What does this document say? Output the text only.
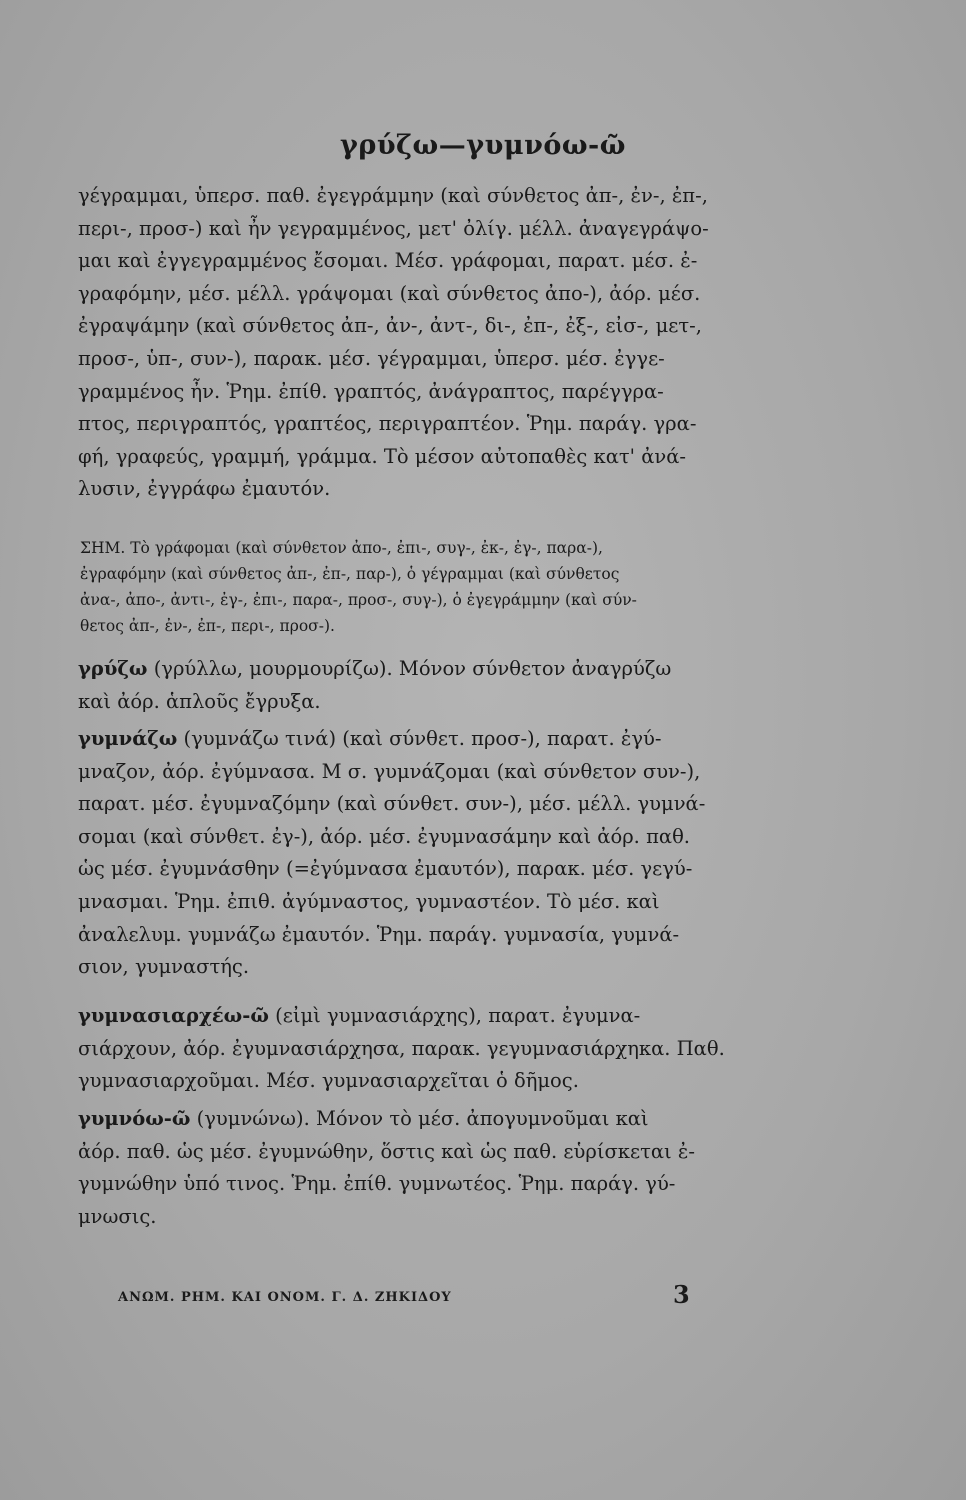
γρύζω—γυμνόω-ῶ
γέγραμμαι, ὑπερσ. παθ. ἐγεγράμμην (καὶ σύνθετος ἀπ-, ἐν-, ἐπ-,
περι-, προσ-) καὶ ἦν γεγραμμένος, μετ' ὀλίγ. μέλλ. ἀναγεγράψο-
μαι καὶ ἐγγεγραμμένος ἔσομαι. Μέσ. γράφομαι, παρατ. μέσ. ἐ-
γραφόμην, μέσ. μέλλ. γράψομαι (καὶ σύνθετος ἀπο-), ἀόρ. μέσ.
ἐγραψάμην (καὶ σύνθετος ἀπ-, ἀν-, ἀντ-, δι-, ἐπ-, ἐξ-, εἰσ-, μετ-,
προσ-, ὑπ-, συν-), παρακ. μέσ. γέγραμμαι, ὑπερσ. μέσ. ἐγγε-
γραμμένος ἦν. Ῥημ. ἐπίθ. γραπτός, ἀνάγραπτος, παρέγγρα-
πτος, περιγραπτός, γραπτέος, περιγραπτέον. Ῥημ. παράγ. γρα-
φή, γραφεύς, γραμμή, γράμμα. Τὸ μέσον αὐτοπαθὲς κατ' ἀνά-
λυσιν, ἐγγράφω ἐμαυτόν.
ΣΗΜ. Τὸ γράφομαι (καὶ σύνθετον ἀπο-, ἐπι-, συγ-, ἐκ-, ἐγ-, παρα-),
ἐγραφόμην (καὶ σύνθετος ἀπ-, ἐπ-, παρ-), ὁ γέγραμμαι (καὶ σύνθετος
ἀνα-, ἀπο-, ἀντι-, ἐγ-, ἐπι-, παρα-, προσ-, συγ-), ὁ ἐγεγράμμην (καὶ σύν-
θετος ἀπ-, ἐν-, ἐπ-, περι-, προσ-).
γρύζω (γρύλλω, μουρμουρίζω). Μόνον σύνθετον ἀναγρύζω
καὶ ἀόρ. ἁπλοῦς ἔγρυξα.
γυμνάζω (γυμνάζω τινά) (καὶ σύνθετ. προσ-), παρατ. ἐγύ-
μναζον, ἀόρ. ἐγύμνασα. Μ σ. γυμνάζομαι (καὶ σύνθετον συν-),
παρατ. μέσ. ἐγυμναζόμην (καὶ σύνθετ. συν-), μέσ. μέλλ. γυμνά-
σομαι (καὶ σύνθετ. ἐγ-), ἀόρ. μέσ. ἐγυμνασάμην καὶ ἀόρ. παθ.
ὡς μέσ. ἐγυμνάσθην (=ἐγύμνασα ἐμαυτόν), παρακ. μέσ. γεγύ-
μνασμαι. Ῥημ. ἐπιθ. ἀγύμναστος, γυμναστέον. Τὸ μέσ. καὶ
ἀναλελυμ. γυμνάζω ἐμαυτόν. Ῥημ. παράγ. γυμνασία, γυμνά-
σιον, γυμναστής.
γυμνασιαρχέω-ῶ (εἰμὶ γυμνασιάρχης), παρατ. ἐγυμνα-
σιάρχουν, ἀόρ. ἐγυμνασιάρχησα, παρακ. γεγυμνασιάρχηκα. Παθ.
γυμνασιαρχοῦμαι. Μέσ. γυμνασιαρχεῖται ὁ δῆμος.
γυμνόω-ῶ (γυμνώνω). Μόνον τὸ μέσ. ἀπογυμνοῦμαι καὶ
ἀόρ. παθ. ὡς μέσ. ἐγυμνώθην, ὅστις καὶ ὡς παθ. εὑρίσκεται ἐ-
γυμνώθην ὑπό τινος. Ῥημ. ἐπίθ. γυμνωτέος. Ῥημ. παράγ. γύ-
μνωσις.
ΑΝΩΜ. ΡΗΜ. ΚΑΙ ΟΝΟΜ. Γ. Δ. ΖΗΚΙΔΟΥ	3
